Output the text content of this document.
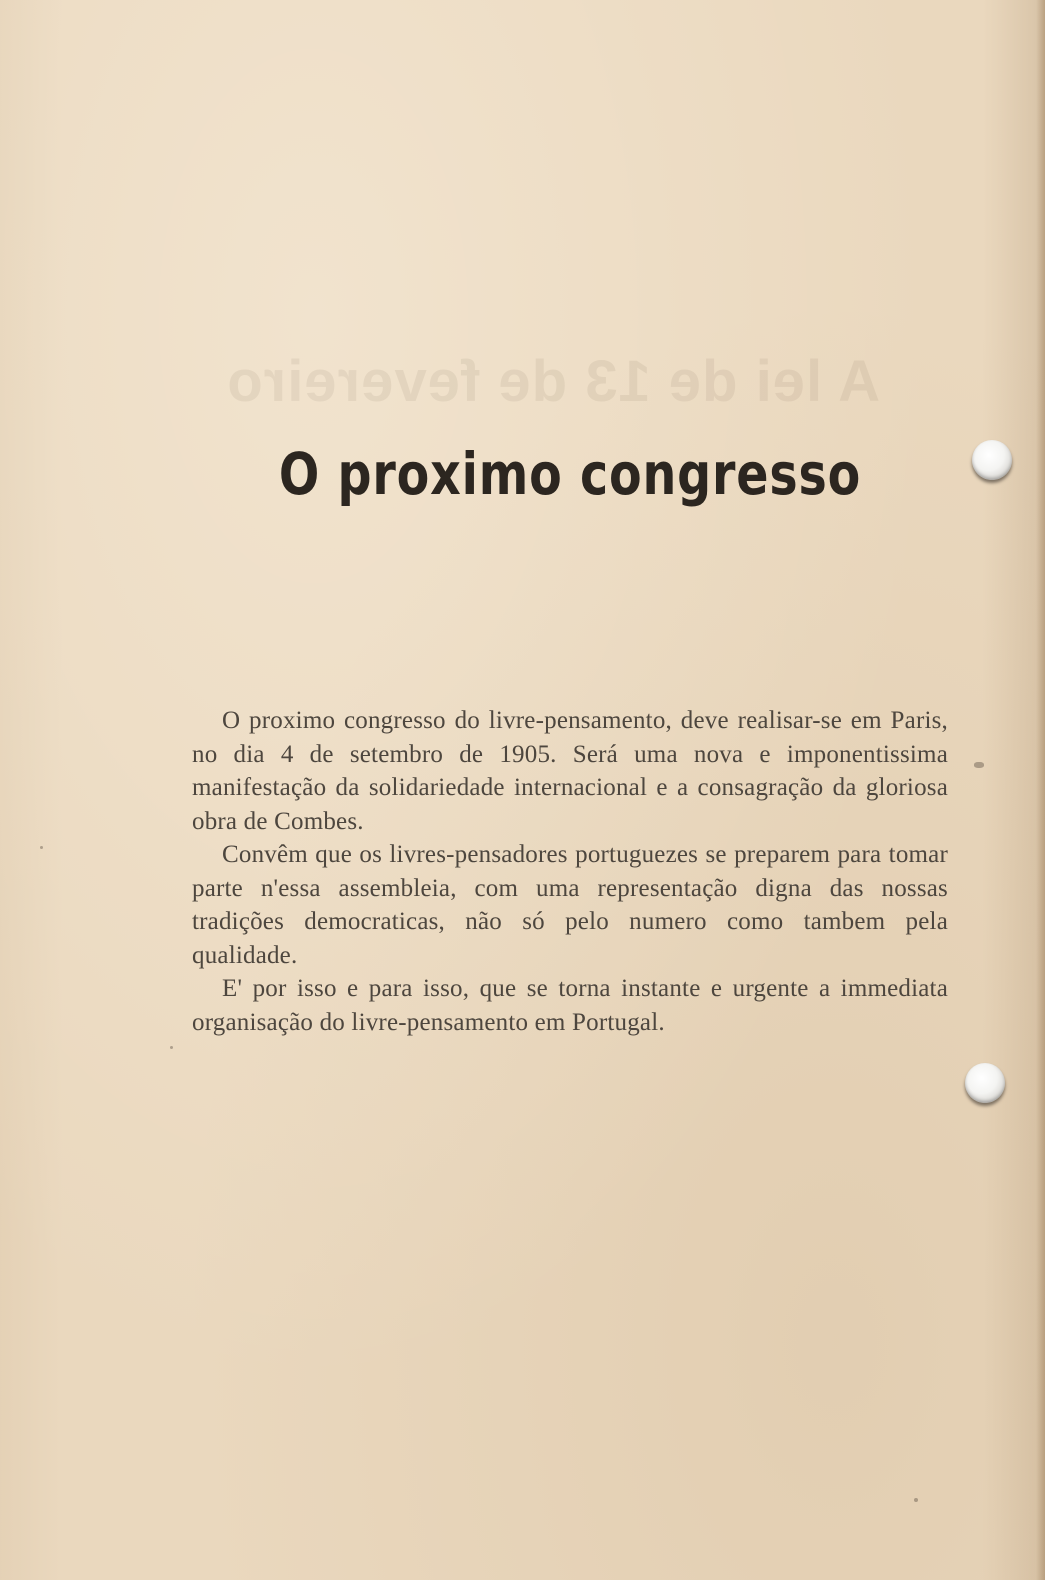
A lei de 13 de fevereiro
O proximo congresso

O proximo congresso do livre-pensamento, deve realisar-se em Paris, no dia 4 de setembro de 1905. Será uma nova e imponentissima manifestação da solidariedade internacional e a consagração da gloriosa obra de Combes.

Convêm que os livres-pensadores portuguezes se preparem para tomar parte n'essa assembleia, com uma representação digna das nossas tradições democraticas, não só pelo numero como tambem pela qualidade.

E' por isso e para isso, que se torna instante e urgente a immediata organisação do livre-pensamento em Portugal.
